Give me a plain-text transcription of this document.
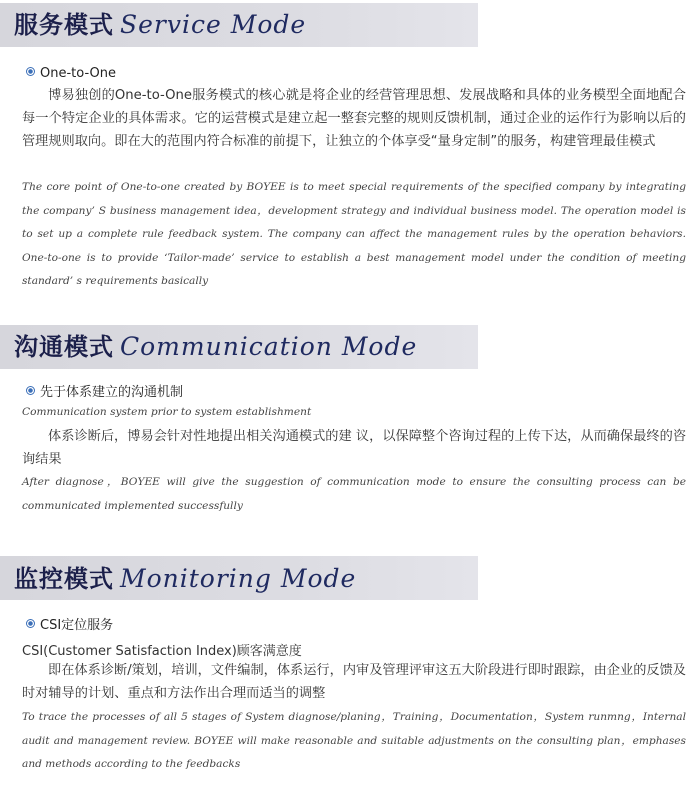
服务模式 Service Mode
One-to-One
博易独创的One-to-One服务模式的核心就是将企业的经营管理思想、发展战略和具体的业务模型全面地配合每一个特定企业的具体需求。它的运营模式是建立起一整套完整的规则反馈机制，通过企业的运作行为影响以后的管理规则取向。即在大的范围内符合标准的前提下，让独立的个体享受“量身定制”的服务，构建管理最佳模式
The core point of One-to-one created by BOYEE is to meet special requirements of the specified company by integrating the company’ S business management idea，development strategy and individual business model. The operation model is to set up a complete rule feedback system. The company can affect the management rules by the operation behaviors. One-to-one is to provide ‘Tailor-made’ service to establish a best management model under the condition of meeting standard’ s requirements basically
沟通模式 Communication Mode
先于体系建立的沟通机制
Communication system prior to system establishment
体系诊断后，博易会针对性地提出相关沟通模式的建 议，以保障整个咨询过程的上传下达，从而确保最终的咨询结果
After diagnose，BOYEE will give the suggestion of communication mode to ensure the consulting process can be communicated implemented successfully
监控模式 Monitoring Mode
CSI定位服务
CSI(Customer Satisfaction Index)顾客满意度
即在体系诊断/策划，培训，文件编制，体系运行，内审及管理评审这五大阶段进行即时跟踪，由企业的反馈及时对辅导的计划、重点和方法作出合理而适当的调整
To trace the processes of all 5 stages of System diagnose/planing，Training，Documentation，System runmng，Internal audit and management review. BOYEE will make reasonable and suitable adjustments on the consulting plan，emphases and methods according to the feedbacks
